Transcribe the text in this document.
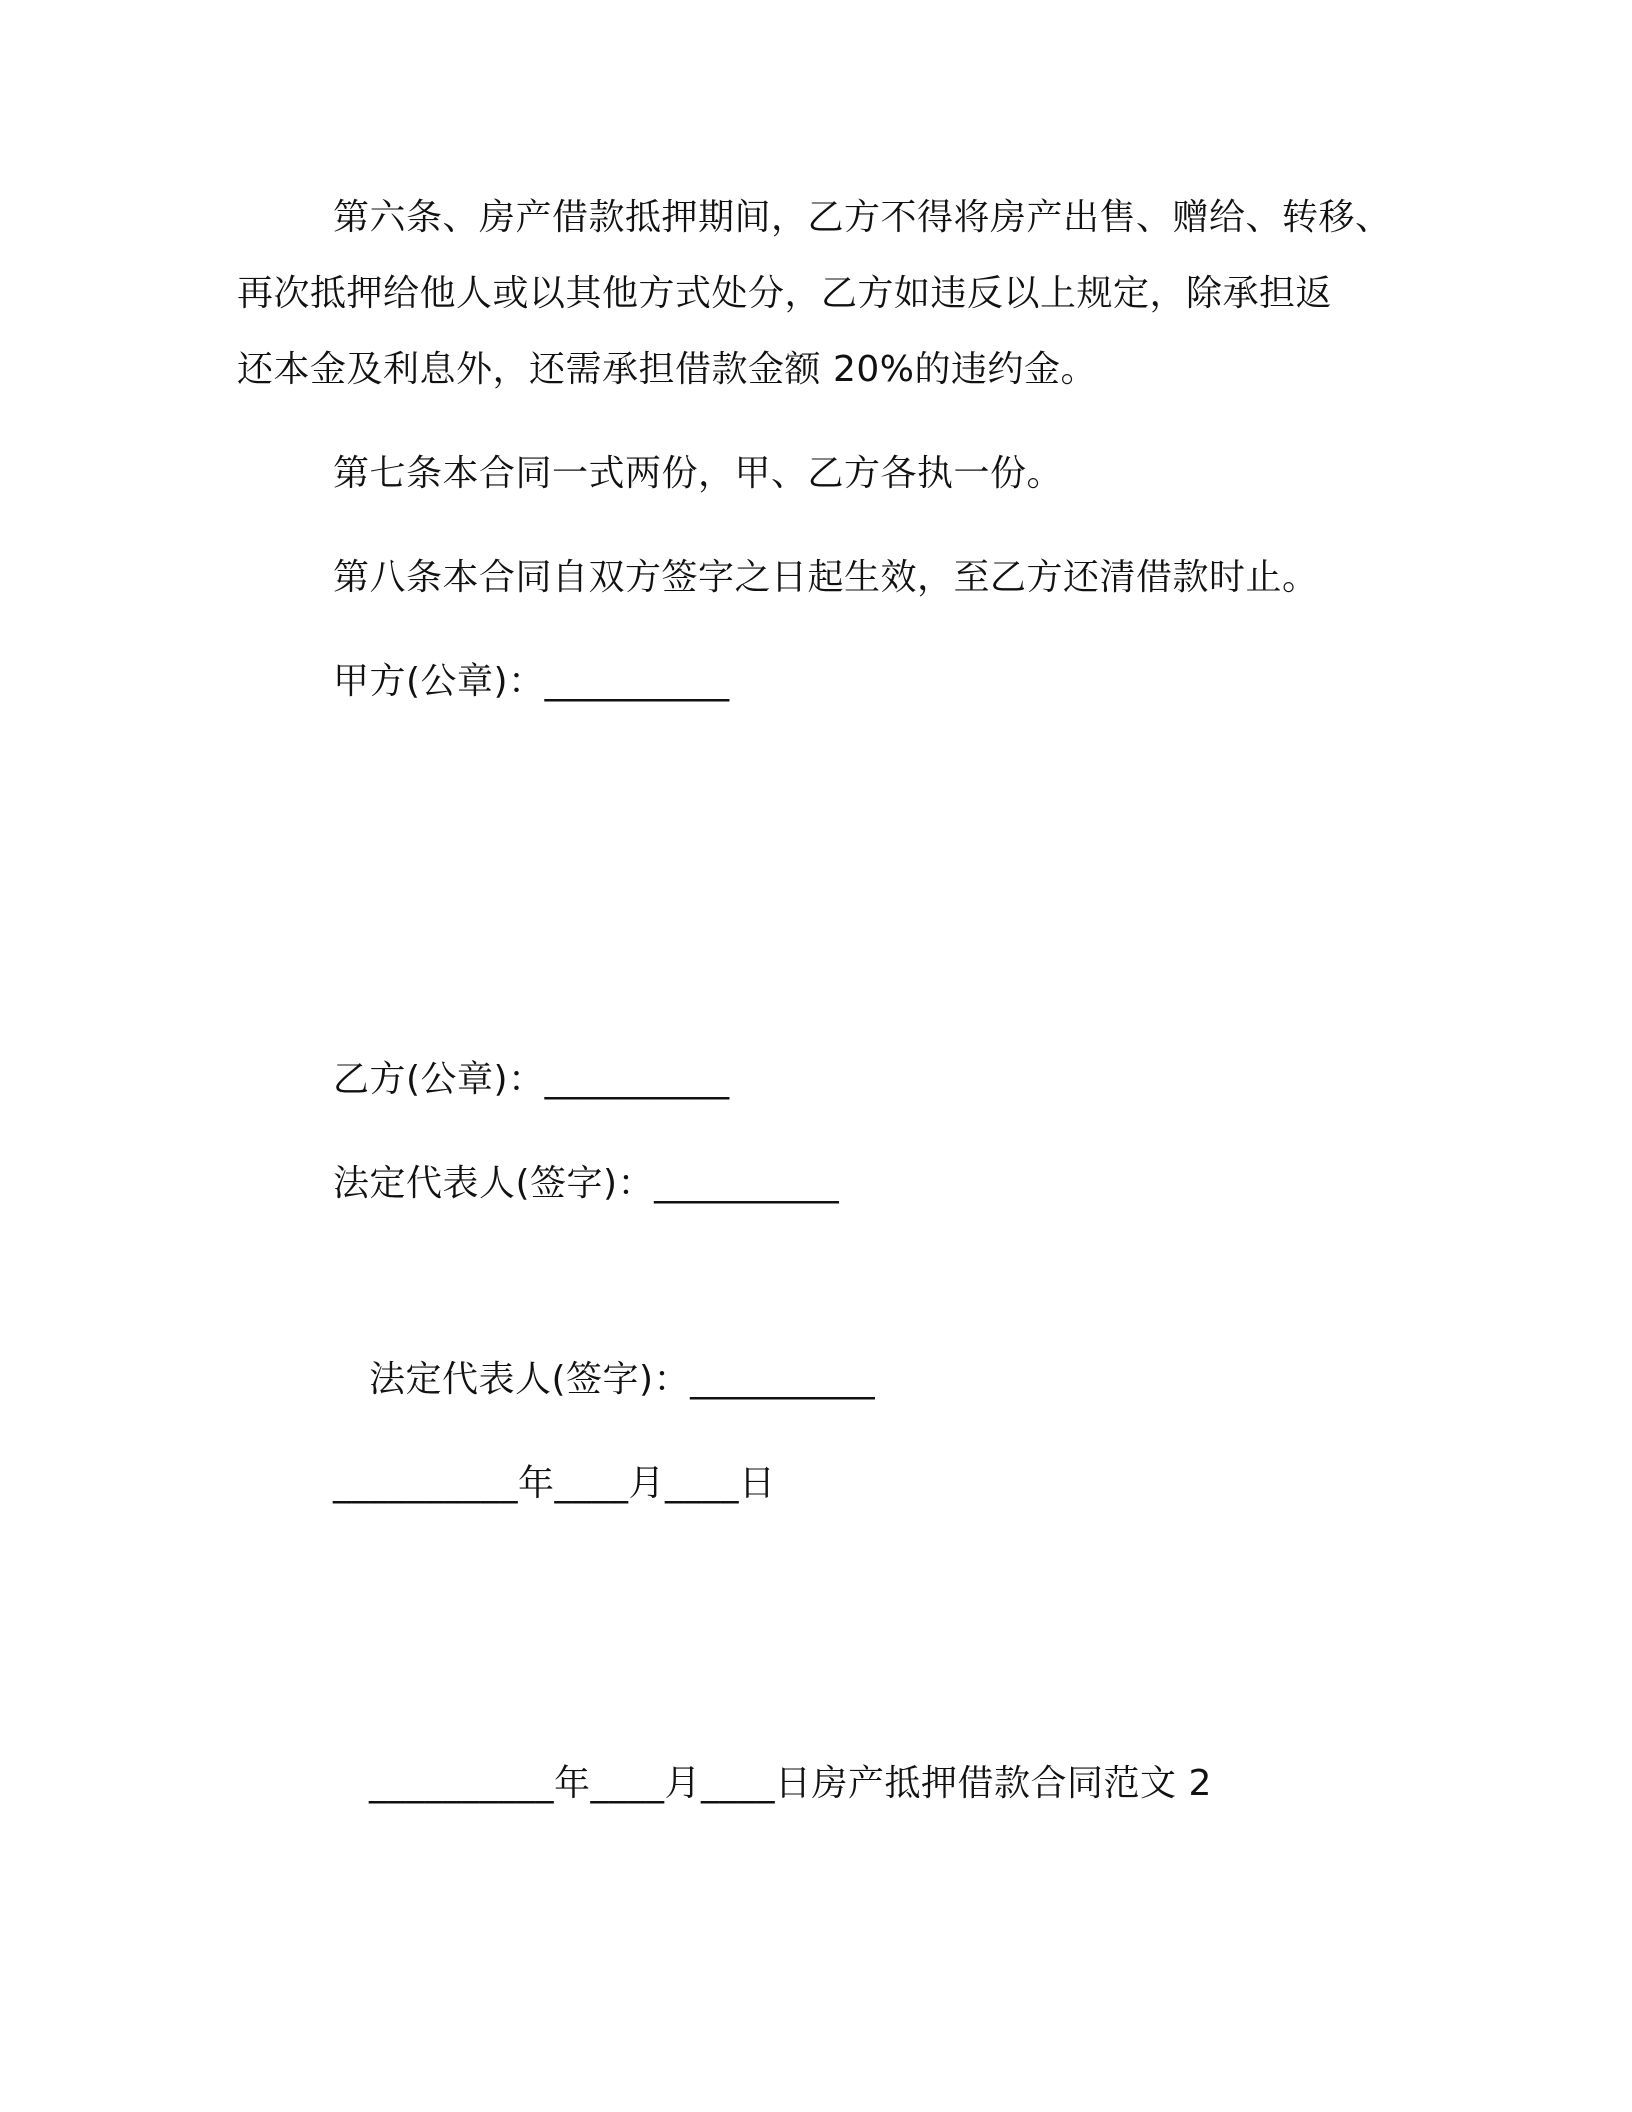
第六条、房产借款抵押期间，乙方不得将房产出售、赠给、转移、
再次抵押给他人或以其他方式处分，乙方如违反以上规定，除承担返
还本金及利息外，还需承担借款金额 20%的违约金。
第七条本合同一式两份，甲、乙方各执一份。
第八条本合同自双方签字之日起生效，至乙方还清借款时止。
甲方(公章)：__________
乙方(公章)：__________
法定代表人(签字)：__________
法定代表人(签字)：__________
__________年____月____日
__________年____月____日房产抵押借款合同范文 2
